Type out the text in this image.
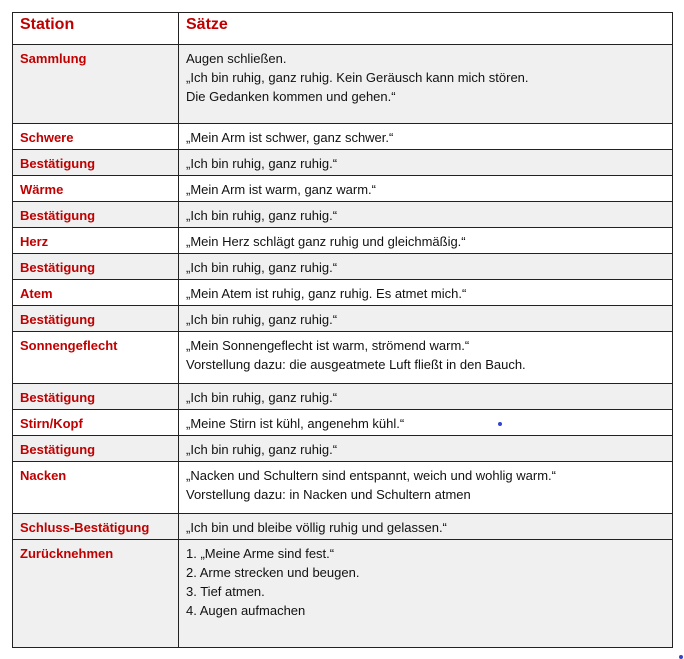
Station	Sätze
Sammlung	Augen schließen.
„Ich bin ruhig, ganz ruhig. Kein Geräusch kann mich stören.
Die Gedanken kommen und gehen.“

Schwere	„Mein Arm ist schwer, ganz schwer.“

Bestätigung	„Ich bin ruhig, ganz ruhig.“

Wärme	„Mein Arm ist warm, ganz warm.“

Bestätigung	„Ich bin ruhig, ganz ruhig.“

Herz	„Mein Herz schlägt ganz ruhig und gleichmäßig.“

Bestätigung	„Ich bin ruhig, ganz ruhig.“

Atem	„Mein Atem ist ruhig, ganz ruhig. Es atmet mich.“

Bestätigung	„Ich bin ruhig, ganz ruhig.“

Sonnengeflecht	„Mein Sonnengeflecht ist warm, strömend warm.“
Vorstellung dazu: die ausgeatmete Luft fließt in den Bauch.

Bestätigung	„Ich bin ruhig, ganz ruhig.“

Stirn/Kopf	„Meine Stirn ist kühl, angenehm kühl.“

Bestätigung	„Ich bin ruhig, ganz ruhig.“

Nacken	„Nacken und Schultern sind entspannt, weich und wohlig warm.“
Vorstellung dazu: in Nacken und Schultern atmen

Schluss-Bestätigung	„Ich bin und bleibe völlig ruhig und gelassen.“

Zurücknehmen	1. „Meine Arme sind fest.“
2. Arme strecken und beugen.
3. Tief atmen.
4. Augen aufmachen
